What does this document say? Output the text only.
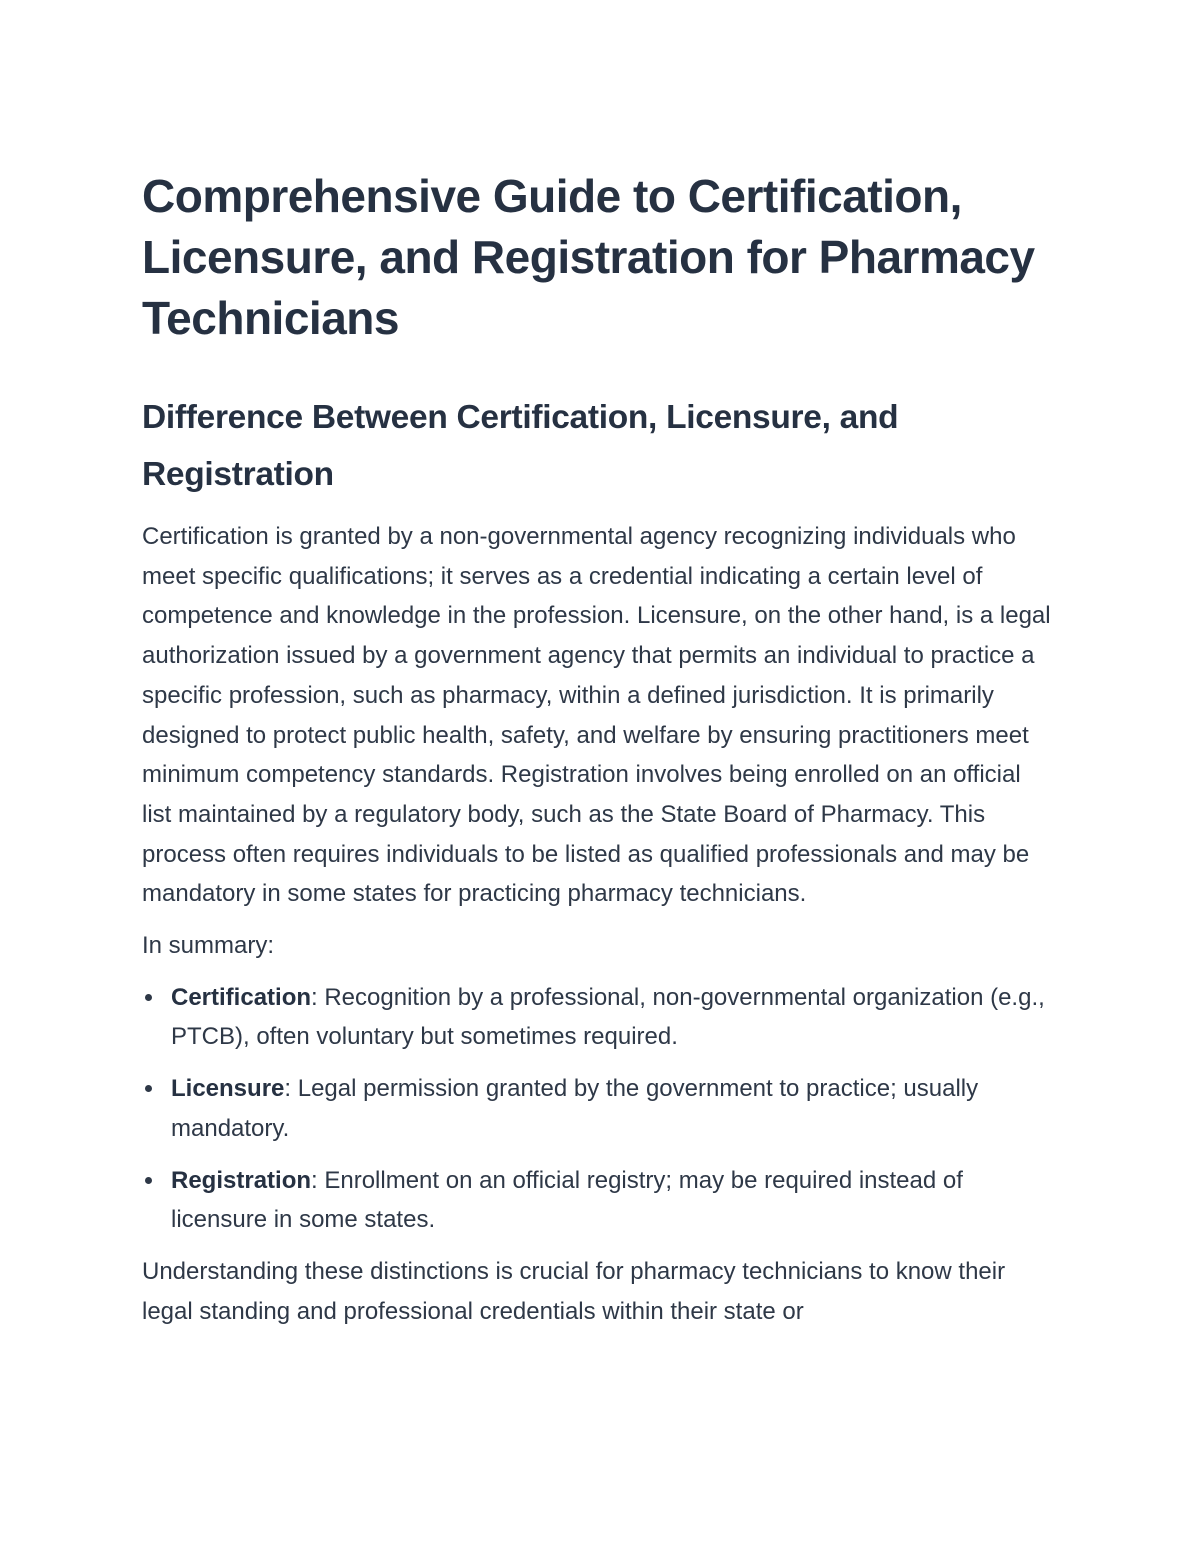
Comprehensive Guide to Certification, Licensure, and Registration for Pharmacy Technicians
Difference Between Certification, Licensure, and Registration

Certification is granted by a non-governmental agency recognizing individuals who meet specific qualifications; it serves as a credential indicating a certain level of competence and knowledge in the profession. Licensure, on the other hand, is a legal authorization issued by a government agency that permits an individual to practice a specific profession, such as pharmacy, within a defined jurisdiction. It is primarily designed to protect public health, safety, and welfare by ensuring practitioners meet minimum competency standards. Registration involves being enrolled on an official list maintained by a regulatory body, such as the State Board of Pharmacy. This process often requires individuals to be listed as qualified professionals and may be mandatory in some states for practicing pharmacy technicians.

In summary:

Certification: Recognition by a professional, non-governmental organization (e.g., PTCB), often voluntary but sometimes required.
Licensure: Legal permission granted by the government to practice; usually mandatory.
Registration: Enrollment on an official registry; may be required instead of licensure in some states.

Understanding these distinctions is crucial for pharmacy technicians to know their legal standing and professional credentials within their state or
